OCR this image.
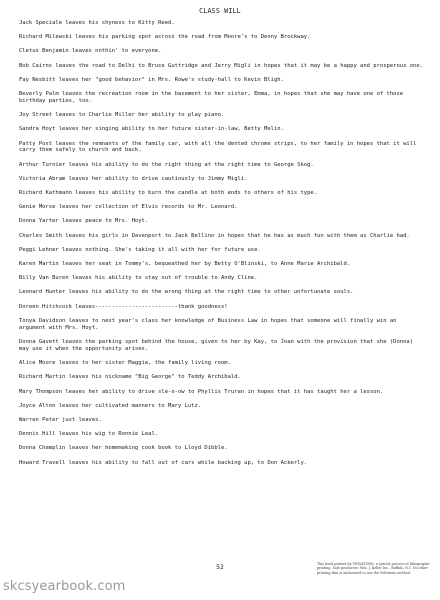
CLASS WILL
Jack Speciale leaves his shyness to Kitty Reed.
Richard Milewski leaves his parking spot across the road from Moore's to Denny Brockway.
Cletus Benjamin leaves nothin' to everyone.
Bob Cairns leaves the road to Delhi to Bruce Guttridge and Jerry Migli in hopes that it may be a happy and prosperous one.
Fay Nesbitt leaves her "good behavior" in Mrs. Rowe's study-hall to Kevin Bligh.
Beverly Palm leaves the recreation room in the basement to her sister, Emma, in hopes that she may have one of those birthday parties, too.
Joy Street leaves to Charlie Miller her ability to play piano.
Sandra Hoyt leaves her singing ability to her future sister-in-law, Betty Melin.
Patty Post leaves the remnants of the family car, with all the dented chrome strips, to her family in hopes that it will carry them safely to church and back.
Arthur Turnier leaves his ability to do the right thing at the right time to George Skog.
Victoria Abram leaves her ability to drive cautiously to Jimmy Migli.
Richard Kathmann leaves his ability to burn the candle at both ends to others of his type.
Genie Morse leaves her collection of Elvis records to Mr. Leonard.
Donna Yarter leaves peace to Mrs. Hoyt.
Charles Smith leaves his girls in Davenport to Jack Bellino in hopes that he has as much fun with them as Charlie had.
Peggi Lehner leaves nothing. She's taking it all with her for future use.
Karen Martin leaves her seat in Tommy's, bequeathed her by Betty O'Blinski, to Anne Marie Archibald.
Billy Van Buren leaves his ability to stay out of trouble to Andy Cline.
Leonard Hunter leaves his ability to do the wrong thing at the right time to other unfortunate souls.
Doreen Hitchcock leaves-------------------------thank goodness!
Tonya Davidson leaves to next year's class her knowledge of Business Law in hopes that someone will finally win an argument with Mrs. Hoyt.
Donna Gavett leaves the parking spot behind the house, given to her by Kay, to Joan with the provision that she (Donna) may use it when the opportunity arises.
Alice Moore leaves to her sister Maggie, the family living room.
Richard Martin leaves his nickname "Big George" to Teddy Archibald.
Mary Thompson leaves her ability to drive sle-o-ow to Phyllis Truran in hopes that it has taught her a lesson.
Joyce Alton leaves her cultivated manners to Mary Lutz.
Warren Peter just leaves.
Dennis Hill leaves his wig to Ronnie Leal.
Donna Champlin leaves her homemaking cook book to Lloyd Dibble.
Howard Travell leaves his ability to fall out of cars while backing up, to Don Ackerly.
52	This book printed by VELVATONE, a special process of lithographic printing. Sole producers: Wm. J. Keller Inc., Buffalo, N.Y. No other printing firm is authorized to use the Velvatone method.
skcsyearbook.com
